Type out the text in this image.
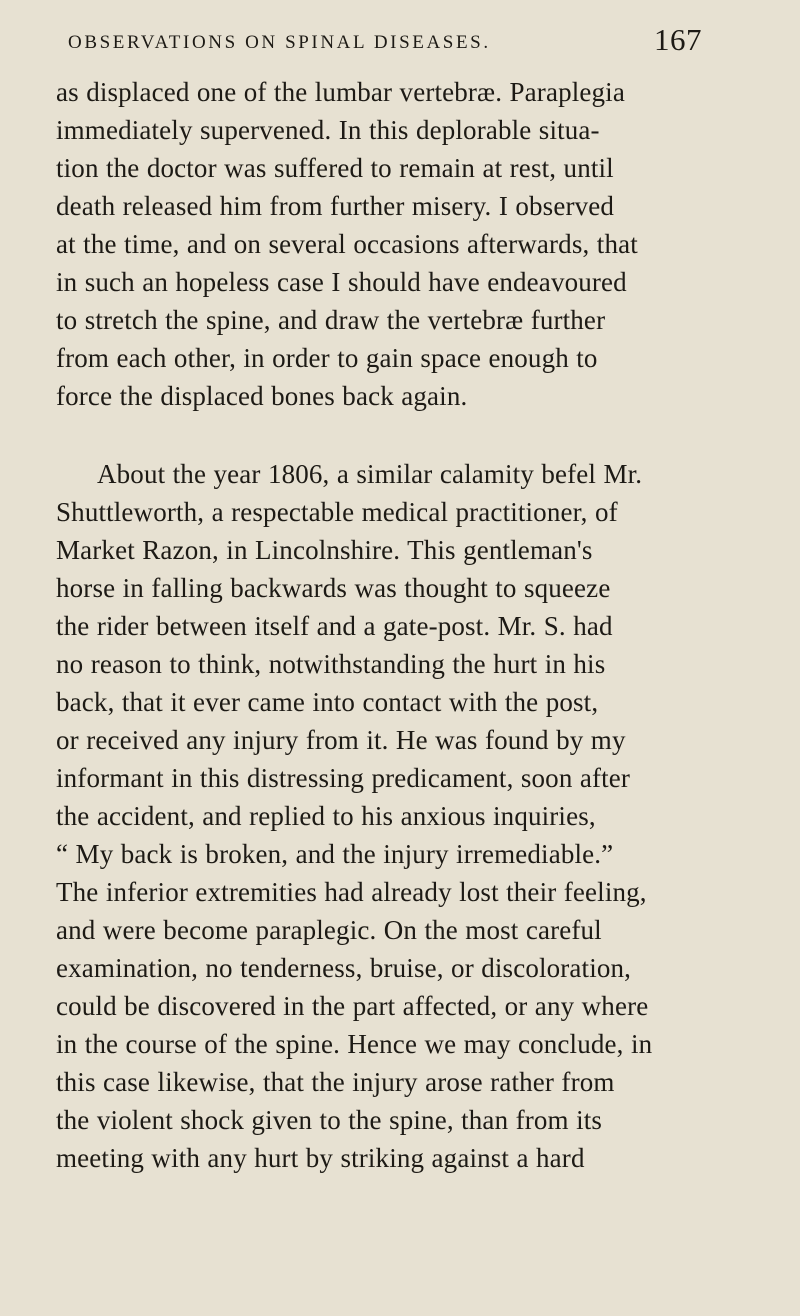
OBSERVATIONS ON SPINAL DISEASES.	167
as displaced one of the lumbar vertebræ. Paraplegia
immediately supervened. In this deplorable situa-
tion the doctor was suffered to remain at rest, until
death released him from further misery. I observed
at the time, and on several occasions afterwards, that
in such an hopeless case I should have endeavoured
to stretch the spine, and draw the vertebræ further
from each other, in order to gain space enough to
force the displaced bones back again.
About the year 1806, a similar calamity befel Mr.
Shuttleworth, a respectable medical practitioner, of
Market Razon, in Lincolnshire. This gentleman's
horse in falling backwards was thought to squeeze
the rider between itself and a gate-post. Mr. S. had
no reason to think, notwithstanding the hurt in his
back, that it ever came into contact with the post,
or received any injury from it. He was found by my
informant in this distressing predicament, soon after
the accident, and replied to his anxious inquiries,
“ My back is broken, and the injury irremediable.”
The inferior extremities had already lost their feeling,
and were become paraplegic. On the most careful
examination, no tenderness, bruise, or discoloration,
could be discovered in the part affected, or any where
in the course of the spine. Hence we may conclude, in
this case likewise, that the injury arose rather from
the violent shock given to the spine, than from its
meeting with any hurt by striking against a hard
